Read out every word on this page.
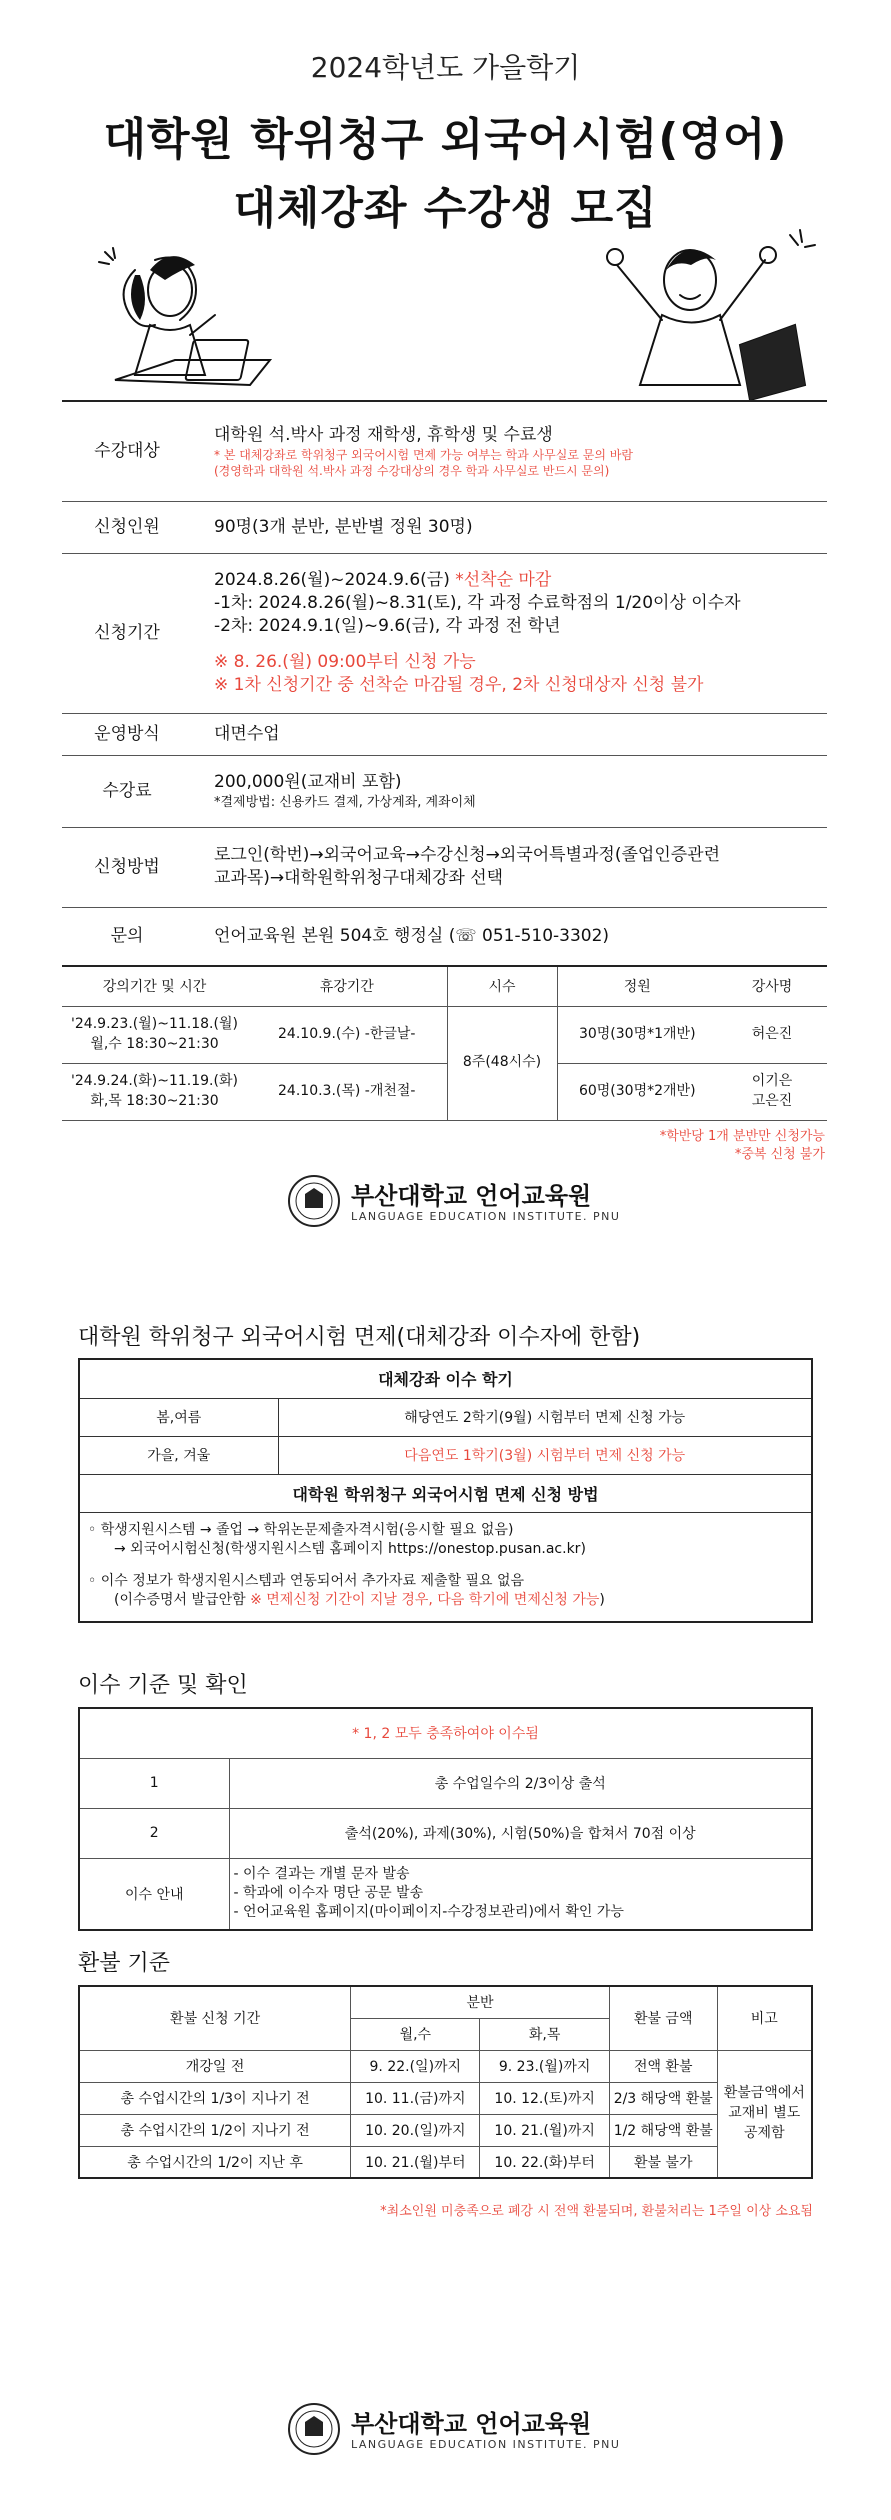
2024학년도 가을학기
대학원 학위청구 외국어시험(영어)
대체강좌 수강생 모집
수강대상	대학원 석.박사 과정 재학생, 휴학생 및 수료생
* 본 대체강좌로 학위청구 외국어시험 면제 가능 여부는 학과 사무실로 문의 바람
(경영학과 대학원 석.박사 과정 수강대상의 경우 학과 사무실로 반드시 문의)

신청인원	90명(3개 분반, 분반별 정원 30명)
신청기간	2024.8.26(월)~2024.9.6(금) *선착순 마감
-1차: 2024.8.26(월)~8.31(토), 각 과정 수료학점의 1/20이상 이수자
-2차: 2024.9.1(일)~9.6(금), 각 과정 전 학년
※ 8. 26.(월) 09:00부터 신청 가능
※ 1차 신청기간 중 선착순 마감될 경우, 2차 신청대상자 신청 불가

운영방식	대면수업
수강료	200,000원(교재비 포함)
*결제방법: 신용카드 결제, 가상계좌, 계좌이체

신청방법	로그인(학번)→외국어교육→수강신청→외국어특별과정(졸업인증관련
교과목)→대학원학위청구대체강좌 선택

문의	언어교육원 본원 504호 행정실 (☏ 051-510-3302)
강의기간 및 시간	휴강기간	시수	정원	강사명
'24.9.23.(월)~11.18.(월)
월,수 18:30~21:30	24.10.9.(수) -한글날-	8주(48시수)	30명(30명*1개반)	허은진
'24.9.24.(화)~11.19.(화)
화,목 18:30~21:30	24.10.3.(목) -개천절-		60명(30명*2개반)	이기은
고은진
*학반당 1개 분반만 신청가능
*중복 신청 불가
부산대학교 언어교육원
LANGUAGE EDUCATION INSTITUTE. PNU
대학원 학위청구 외국어시험 면제(대체강좌 이수자에 한함)
대체강좌 이수 학기	
봄,여름	해당연도 2학기(9월) 시험부터 면제 신청 가능
가을, 겨울	다음연도 1학기(3월) 시험부터 면제 신청 가능
대학원 학위청구 외국어시험 면제 신청 방법	

◦ 학생지원시스템 → 졸업 → 학위논문제출자격시험(응시할 필요 없음)
→ 외국어시험신청(학생지원시스템 홈페이지 https://onestop.pusan.ac.kr)
◦ 이수 정보가 학생지원시스템과 연동되어서 추가자료 제출할 필요 없음
(이수증명서 발급안함 ※ 면제신청 기간이 지날 경우, 다음 학기에 면제신청 가능)	
이수 기준 및 확인
* 1, 2 모두 충족하여야 이수됨	
1	총 수업일수의 2/3이상 출석
2	출석(20%), 과제(30%), 시험(50%)을 합쳐서 70점 이상
이수 안내	- 이수 결과는 개별 문자 발송
- 학과에 이수자 명단 공문 발송
- 언어교육원 홈페이지(마이페이지-수강정보관리)에서 확인 가능
환불 기준
환불 신청 기간	분반		환불 금액	비고
	월,수	화,목		
개강일 전	9. 22.(일)까지	9. 23.(월)까지	전액 환불	환불금액에서 교재비 별도 공제함
총 수업시간의 1/3이 지나기 전	10. 11.(금)까지	10. 12.(토)까지	2/3 해당액 환불	
총 수업시간의 1/2이 지나기 전	10. 20.(일)까지	10. 21.(월)까지	1/2 해당액 환불	
총 수업시간의 1/2이 지난 후	10. 21.(월)부터	10. 22.(화)부터	환불 불가	
*최소인원 미충족으로 폐강 시 전액 환불되며, 환불처리는 1주일 이상 소요됨
부산대학교 언어교육원
LANGUAGE EDUCATION INSTITUTE. PNU
